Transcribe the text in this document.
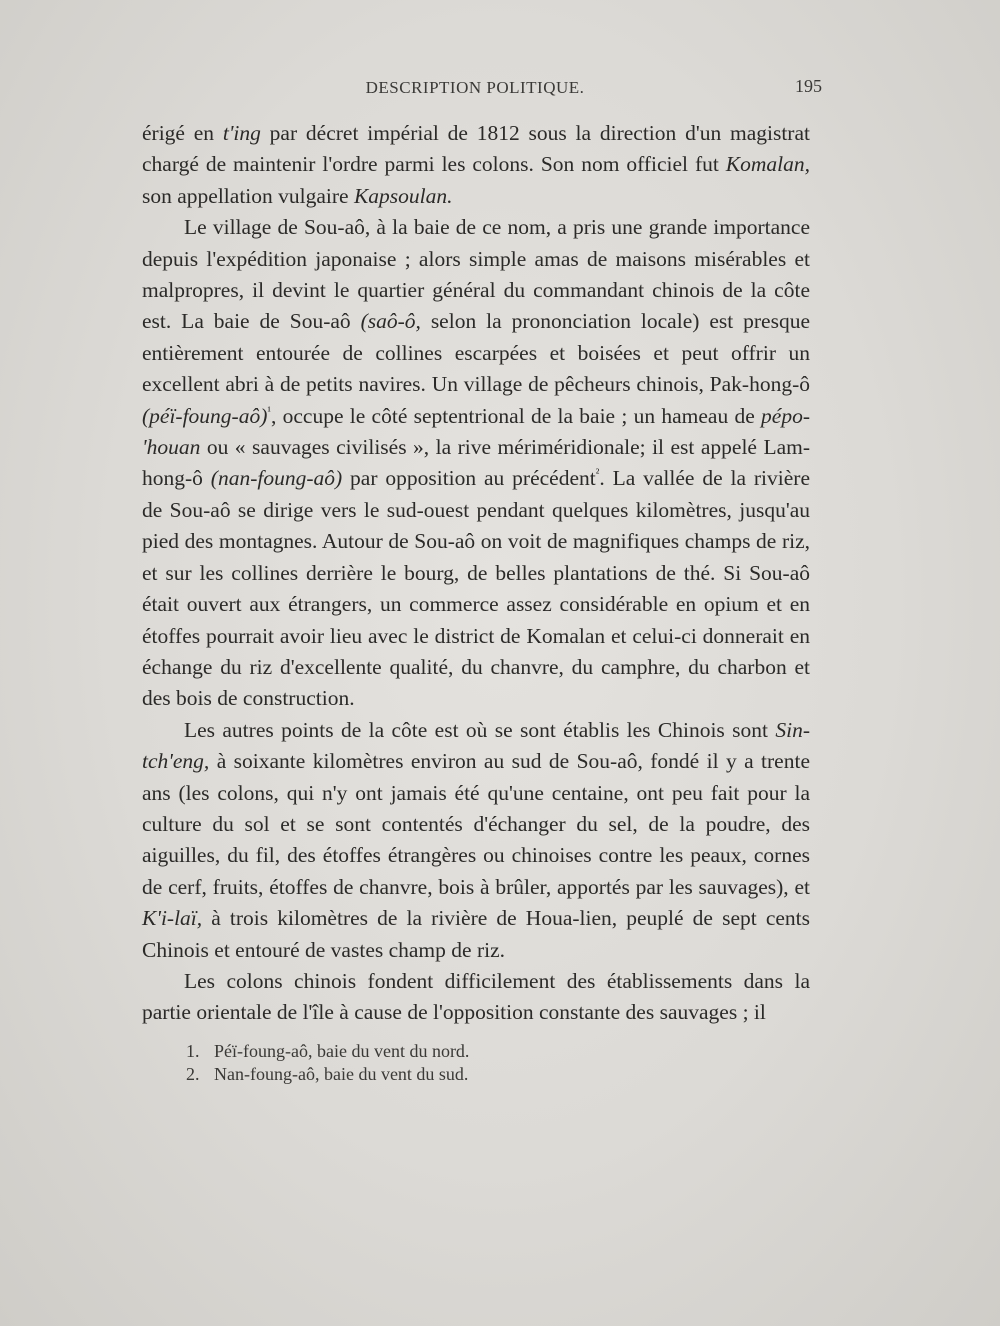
DESCRIPTION POLITIQUE.	195

érigé en t'ing par décret impérial de 1812 sous la direction d'un magistrat chargé de maintenir l'ordre parmi les colons. Son nom officiel fut Komalan, son appellation vulgaire Kapsoulan.

Le village de Sou-aô, à la baie de ce nom, a pris une grande importance depuis l'expédition japonaise ; alors simple amas de maisons misérables et malpropres, il devint le quartier général du commandant chinois de la côte est. La baie de Sou-aô (saô-ô, selon la prononciation locale) est presque entièrement entourée de collines escarpées et boisées et peut offrir un excellent abri à de petits navires. Un village de pêcheurs chinois, Pak-hong-ô (péï-foung-aô)$^{^1}$, occupe le côté septentrional de la baie ; un hameau de pépo-'houan ou « sauvages civilisés », la rive mériméridionale; il est appelé Lam-hong-ô (nan-foung-aô) par opposition au précédent$^{^2}$. La vallée de la rivière de Sou-aô se dirige vers le sud-ouest pendant quelques kilomètres, jusqu'au pied des montagnes. Autour de Sou-aô on voit de magnifiques champs de riz, et sur les collines derrière le bourg, de belles plantations de thé. Si Sou-aô était ouvert aux étrangers, un commerce assez considérable en opium et en étoffes pourrait avoir lieu avec le district de Komalan et celui-ci donnerait en échange du riz d'excellente qualité, du chanvre, du camphre, du charbon et des bois de construction.

Les autres points de la côte est où se sont établis les Chinois sont Sintch'eng, à soixante kilomètres environ au sud de Sou-aô, fondé il y a trente ans (les colons, qui n'y ont jamais été qu'une centaine, ont peu fait pour la culture du sol et se sont contentés d'échanger du sel, de la poudre, des aiguilles, du fil, des étoffes étrangères ou chinoises contre les peaux, cornes de cerf, fruits, étoffes de chanvre, bois à brûler, apportés par les sauvages), et K'i-laï, à trois kilomètres de la rivière de Houa-lien, peuplé de sept cents Chinois et entouré de vastes champ de riz.

Les colons chinois fondent difficilement des établissements dans la partie orientale de l'île à cause de l'opposition constante des sauvages ; il

1. Péï-foung-aô, baie du vent du nord.
2. Nan-foung-aô, baie du vent du sud.
